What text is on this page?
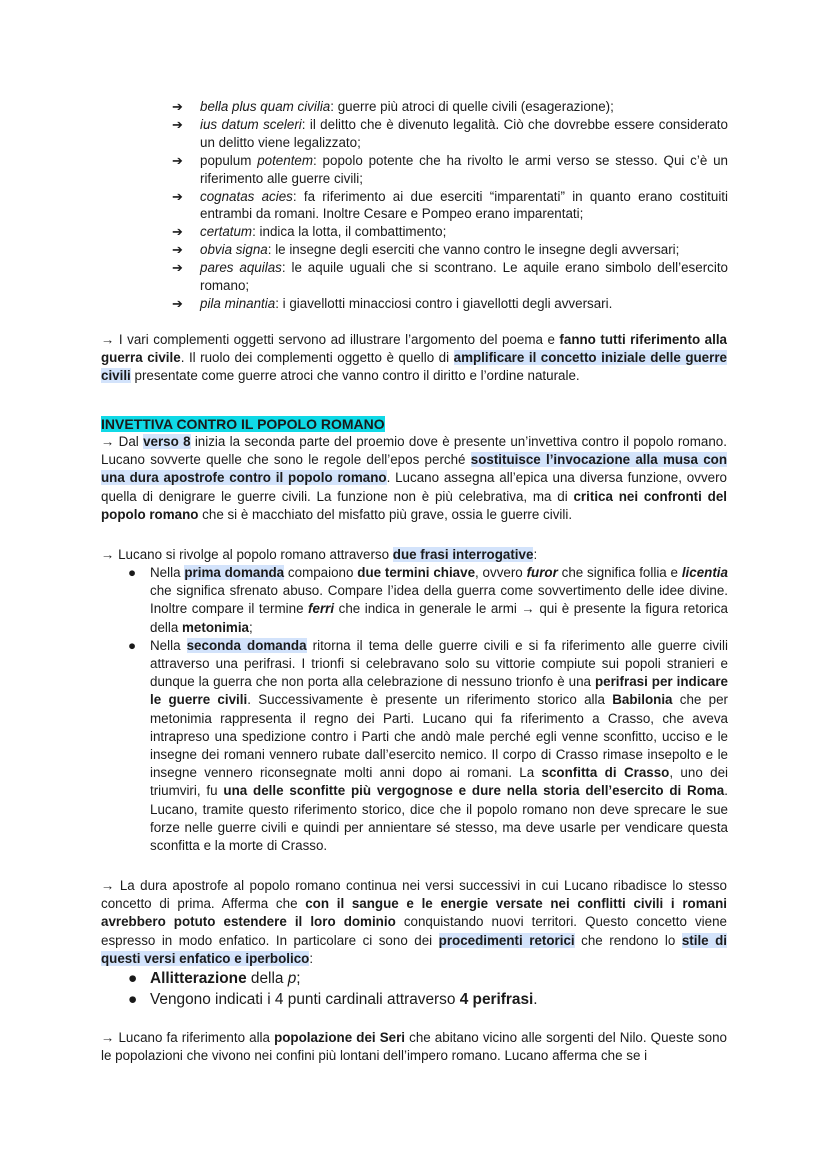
➔ bella plus quam civilia: guerre più atroci di quelle civili (esagerazione);
➔ ius datum sceleri: il delitto che è divenuto legalità. Ciò che dovrebbe essere considerato un delitto viene legalizzato;
➔ populum potentem: popolo potente che ha rivolto le armi verso se stesso. Qui c’è un riferimento alle guerre civili;
➔ cognatas acies: fa riferimento ai due eserciti “imparentati” in quanto erano costituiti entrambi da romani. Inoltre Cesare e Pompeo erano imparentati;
➔ certatum: indica la lotta, il combattimento;
➔ obvia signa: le insegne degli eserciti che vanno contro le insegne degli avversari;
➔ pares aquilas: le aquile uguali che si scontrano. Le aquile erano simbolo dell’esercito romano;
➔ pila minantia: i giavellotti minacciosi contro i giavellotti degli avversari.

→ I vari complementi oggetti servono ad illustrare l’argomento del poema e fanno tutti riferimento alla guerra civile. Il ruolo dei complementi oggetto è quello di amplificare il concetto iniziale delle guerre civili presentate come guerre atroci che vanno contro il diritto e l’ordine naturale.

INVETTIVA CONTRO IL POPOLO ROMANO

→ Dal verso 8 inizia la seconda parte del proemio dove è presente un’invettiva contro il popolo romano. Lucano sovverte quelle che sono le regole dell’epos perché sostituisce l’invocazione alla musa con una dura apostrofe contro il popolo romano. Lucano assegna all’epica una diversa funzione, ovvero quella di denigrare le guerre civili. La funzione non è più celebrativa, ma di critica nei confronti del popolo romano che si è macchiato del misfatto più grave, ossia le guerre civili.

→ Lucano si rivolge al popolo romano attraverso due frasi interrogative:

● Nella prima domanda compaiono due termini chiave, ovvero furor che significa follia e licentia che significa sfrenato abuso. Compare l’idea della guerra come sovvertimento delle idee divine. Inoltre compare il termine ferri che indica in generale le armi → qui è presente la figura retorica della metonimia;
● Nella seconda domanda ritorna il tema delle guerre civili e si fa riferimento alle guerre civili attraverso una perifrasi. I trionfi si celebravano solo su vittorie compiute sui popoli stranieri e dunque la guerra che non porta alla celebrazione di nessuno trionfo è una perifrasi per indicare le guerre civili. Successivamente è presente un riferimento storico alla Babilonia che per metonimia rappresenta il regno dei Parti. Lucano qui fa riferimento a Crasso, che aveva intrapreso una spedizione contro i Parti che andò male perché egli venne sconfitto, ucciso e le insegne dei romani vennero rubate dall’esercito nemico. Il corpo di Crasso rimase insepolto e le insegne vennero riconsegnate molti anni dopo ai romani. La sconfitta di Crasso, uno dei triumviri, fu una delle sconfitte più vergognose e dure nella storia dell’esercito di Roma. Lucano, tramite questo riferimento storico, dice che il popolo romano non deve sprecare le sue forze nelle guerre civili e quindi per annientare sé stesso, ma deve usarle per vendicare questa sconfitta e la morte di Crasso.

→ La dura apostrofe al popolo romano continua nei versi successivi in cui Lucano ribadisce lo stesso concetto di prima. Afferma che con il sangue e le energie versate nei conflitti civili i romani avrebbero potuto estendere il loro dominio conquistando nuovi territori. Questo concetto viene espresso in modo enfatico. In particolare ci sono dei procedimenti retorici che rendono lo stile di questi versi enfatico e iperbolico:

● Allitterazione della p;
● Vengono indicati i 4 punti cardinali attraverso 4 perifrasi.

→ Lucano fa riferimento alla popolazione dei Seri che abitano vicino alle sorgenti del Nilo. Queste sono le popolazioni che vivono nei confini più lontani dell’impero romano. Lucano afferma che se i
